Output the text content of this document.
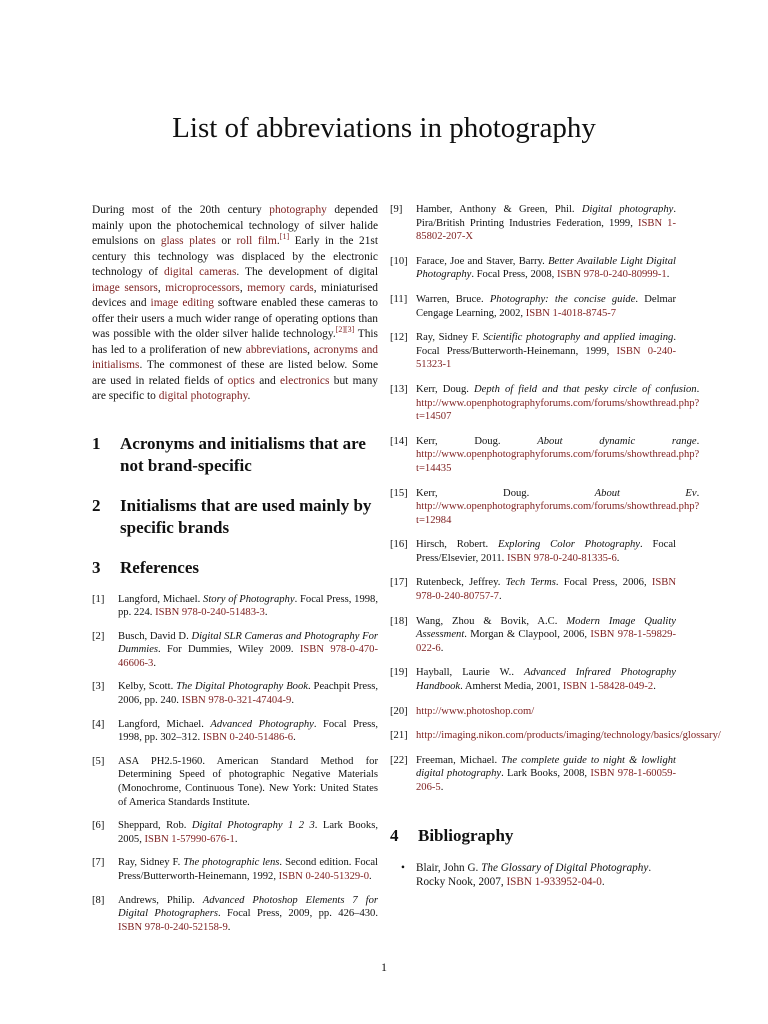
List of abbreviations in photography

During most of the 20th century photography depended mainly upon the photochemical technology of silver halide emulsions on glass plates or roll film.[1] Early in the 21st century this technology was displaced by the electronic technology of digital cameras. The development of digital image sensors, microprocessors, memory cards, miniaturised devices and image editing software enabled these cameras to offer their users a much wider range of operating options than was possible with the older silver halide technology.[2][3] This has led to a proliferation of new abbreviations, acronyms and initialisms. The commonest of these are listed below. Some are used in related fields of optics and electronics but many are specific to digital photography.

1	Acronyms and initialisms that are not brand-specific
2	Initialisms that are used mainly by specific brands
3	References
[1]	Langford, Michael. Story of Photography. Focal Press, 1998, pp. 224. ISBN 978-0-240-51483-3.
[2]	Busch, David D. Digital SLR Cameras and Photography For Dummies. For Dummies, Wiley 2009. ISBN 978-0-470-46606-3.
[3]	Kelby, Scott. The Digital Photography Book. Peachpit Press, 2006, pp. 240. ISBN 978-0-321-47404-9.
[4]	Langford, Michael. Advanced Photography. Focal Press, 1998, pp. 302–312. ISBN 0-240-51486-6.
[5]	ASA PH2.5-1960. American Standard Method for Determining Speed of photographic Negative Materials (Monochrome, Continuous Tone). New York: United States of America Standards Institute.
[6]	Sheppard, Rob. Digital Photography 1 2 3. Lark Books, 2005, ISBN 1-57990-676-1.
[7]	Ray, Sidney F. The photographic lens. Second edition. Focal Press/Butterworth-Heinemann, 1992, ISBN 0-240-51329-0.
[8]	Andrews, Philip. Advanced Photoshop Elements 7 for Digital Photographers. Focal Press, 2009, pp. 426–430. ISBN 978-0-240-52158-9.
[9]	Hamber, Anthony & Green, Phil. Digital photography. Pira/British Printing Industries Federation, 1999, ISBN 1-85802-207-X
[10] Farace, Joe and Staver, Barry. Better Available Light Digital Photography. Focal Press, 2008, ISBN 978-0-240-80999-1.
[11] Warren, Bruce. Photography: the concise guide. Delmar Cengage Learning, 2002, ISBN 1-4018-8745-7
[12] Ray, Sidney F. Scientific photography and applied imaging. Focal Press/Butterworth-Heinemann, 1999, ISBN 0-240-51323-1
[13] Kerr, Doug. Depth of field and that pesky circle of confusion. http://www.openphotographyforums.com/forums/showthread.php?t=14507
[14] Kerr, Doug. About dynamic range. http://www.openphotographyforums.com/forums/showthread.php?t=14435
[15] Kerr, Doug. About Ev. http://www.openphotographyforums.com/forums/showthread.php?t=12984
[16] Hirsch, Robert. Exploring Color Photography. Focal Press/Elsevier, 2011. ISBN 978-0-240-81335-6.
[17] Rutenbeck, Jeffrey. Tech Terms. Focal Press, 2006, ISBN 978-0-240-80757-7.
[18] Wang, Zhou & Bovik, A.C. Modern Image Quality Assessment. Morgan & Claypool, 2006, ISBN 978-1-59829-022-6.
[19] Hayball, Laurie W.. Advanced Infrared Photography Handbook. Amherst Media, 2001, ISBN 1-58428-049-2.
[20] http://www.photoshop.com/
[21] http://imaging.nikon.com/products/imaging/technology/basics/glossary/
[22] Freeman, Michael. The complete guide to night & lowlight digital photography. Lark Books, 2008, ISBN 978-1-60059-206-5.
4	Bibliography
• Blair, John G. The Glossary of Digital Photography. Rocky Nook, 2007, ISBN 1-933952-04-0.
1
